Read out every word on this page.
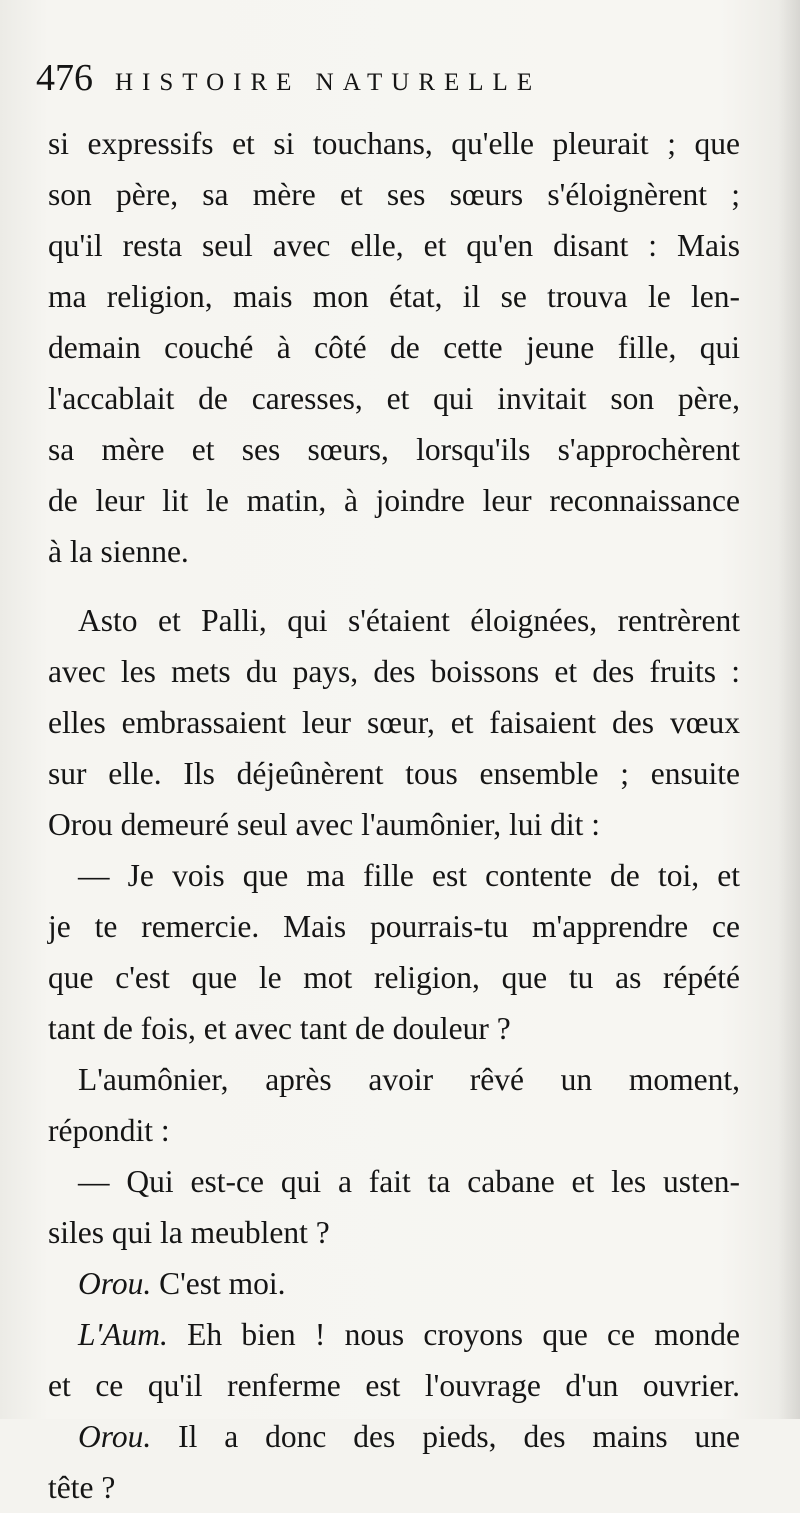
476 HISTOIRE NATURELLE
si expressifs et si touchans, qu'elle pleurait ; que
son père, sa mère et ses sœurs s'éloignèrent ;
qu'il resta seul avec elle, et qu'en disant : Mais
ma religion, mais mon état, il se trouva le len-
demain couché à côté de cette jeune fille, qui
l'accablait de caresses, et qui invitait son père,
sa mère et ses sœurs, lorsqu'ils s'approchèrent
de leur lit le matin, à joindre leur reconnaissance
à la sienne.
Asto et Palli, qui s'étaient éloignées, rentrèrent
avec les mets du pays, des boissons et des fruits :
elles embrassaient leur sœur, et faisaient des vœux
sur elle. Ils déjeûnèrent tous ensemble ; ensuite
Orou demeuré seul avec l'aumônier, lui dit :
— Je vois que ma fille est contente de toi, et
je te remercie. Mais pourrais-tu m'apprendre ce
que c'est que le mot religion, que tu as répété
tant de fois, et avec tant de douleur ?
L'aumônier, après avoir rêvé un moment,
répondit :
— Qui est-ce qui a fait ta cabane et les usten-
siles qui la meublent ?
Orou. C'est moi.
L'Aum. Eh bien ! nous croyons que ce monde
et ce qu'il renferme est l'ouvrage d'un ouvrier.
Orou. Il a donc des pieds, des mains une
tête ?
